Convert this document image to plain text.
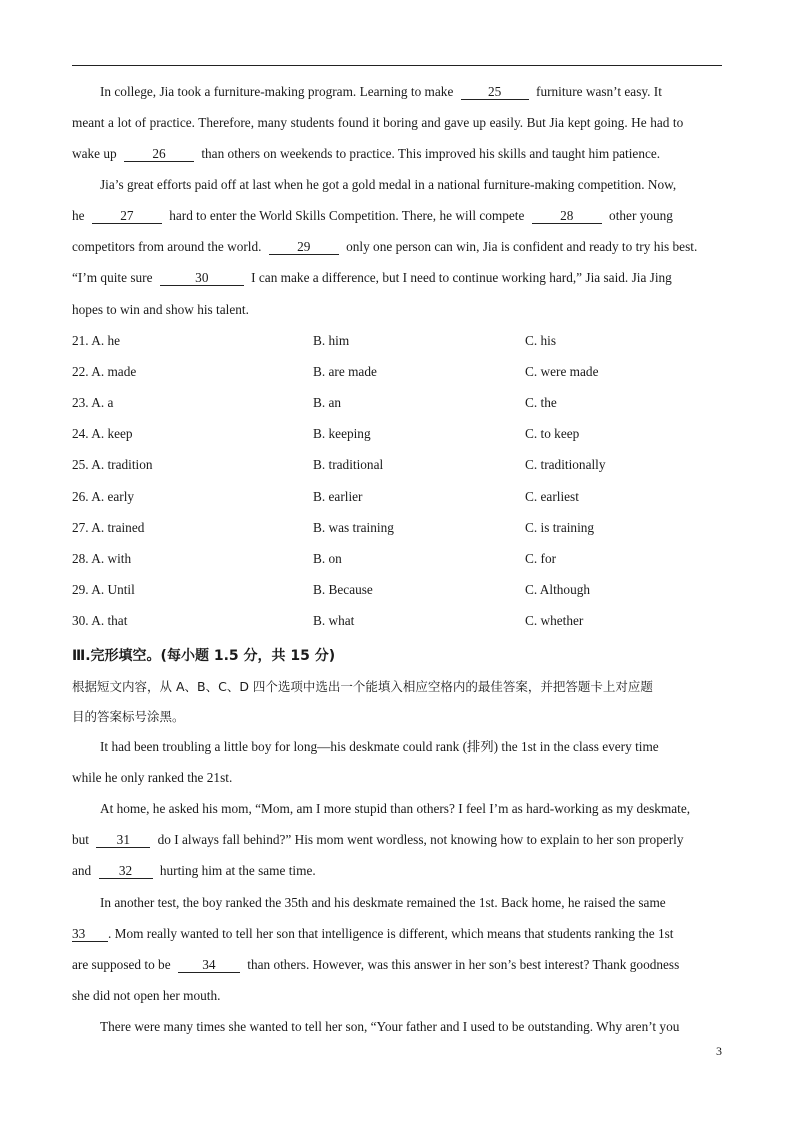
In college, Jia took a furniture-making program. Learning to make	25	furniture wasn’t easy. It
meant a lot of practice. Therefore, many students found it boring and gave up easily. But Jia kept going. He had to
wake up	26	than others on weekends to practice. This improved his skills and taught him patience.
Jia’s great efforts paid off at last when he got a gold medal in a national furniture-making competition. Now,
he	27	hard to enter the World Skills Competition. There, he will compete	28	other young
competitors from around the world.	29	only one person can win, Jia is confident and ready to try his best.
“I’m quite sure	30	I can make a difference, but I need to continue working hard,” Jia said. Jia Jing
hopes to win and show his talent.
21. A. he	B. him	C. his
22. A. made	B. are made	C. were made
23. A. a	B. an	C. the
24. A. keep	B. keeping	C. to keep
25. A. tradition	B. traditional	C. traditionally
26. A. early	B. earlier	C. earliest
27. A. trained	B. was training	C. is training
28. A. with	B. on	C. for
29. A. Until	B. Because	C. Although
30. A. that	B. what	C. whether
Ⅲ.完形填空。(每小题 1.5 分，共 15 分)
根据短文内容，从 A、B、C、D 四个选项中选出一个能填入相应空格内的最佳答案，并把答题卡上对应题
目的答案标号涂黑。
It had been troubling a little boy for long—his deskmate could rank (排列) the 1st in the class every time
while he only ranked the 21st.
At home, he asked his mom, “Mom, am I more stupid than others? I feel I’m as hard-working as my deskmate,
but 31 do I always fall behind?” His mom went wordless, not knowing how to explain to her son properly
and 32 hurting him at the same time.
In another test, the boy ranked the 35th and his deskmate remained the 1st. Back home, he raised the same
33 . Mom really wanted to tell her son that intelligence is different, which means that students ranking the 1st
are supposed to be 34 than others. However, was this answer in her son’s best interest? Thank goodness
she did not open her mouth.
There were many times she wanted to tell her son, “Your father and I used to be outstanding. Why aren’t you
3
